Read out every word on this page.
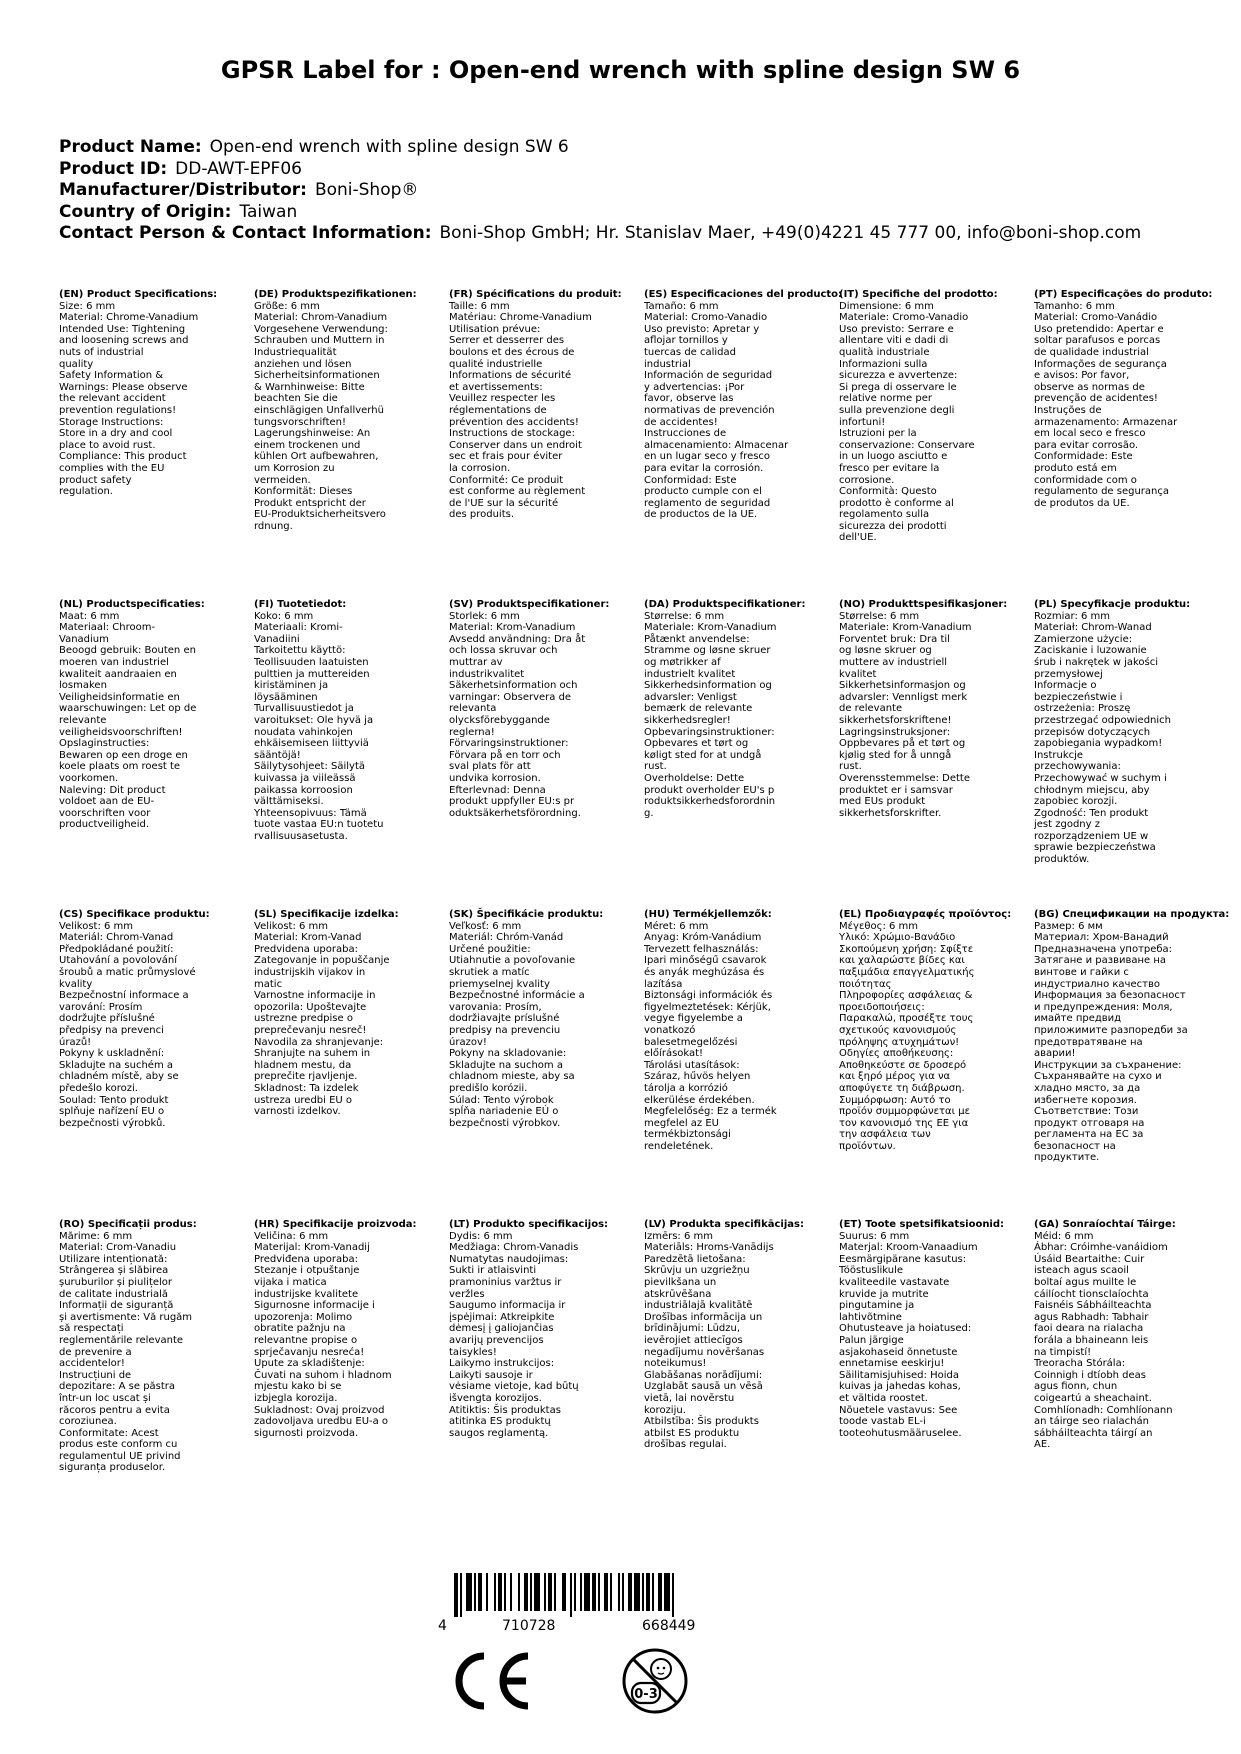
GPSR Label for : Open-end wrench with spline design SW 6
Product Name: Open-end wrench with spline design SW 6
Product ID: DD-AWT-EPF06
Manufacturer/Distributor: Boni-Shop®
Country of Origin: Taiwan
Contact Person & Contact Information: Boni-Shop GmbH; Hr. Stanislav Maer, +49(0)4221 45 777 00, info@boni-shop.com
(EN) Product Specifications:
Size: 6 mm
Material: Chrome-Vanadium
Intended Use: Tightening
and loosening screws and
nuts of industrial
quality
Safety Information &
Warnings: Please observe
the relevant accident
prevention regulations!
Storage Instructions:
Store in a dry and cool
place to avoid rust.
Compliance: This product
complies with the EU
product safety
regulation.
(DE) Produktspezifikationen:
Größe: 6 mm
Material: Chrom-Vanadium
Vorgesehene Verwendung:
Schrauben und Muttern in
Industriequalität
anziehen und lösen
Sicherheitsinformationen
& Warnhinweise: Bitte
beachten Sie die
einschlägigen Unfallverhü
tungsvorschriften!
Lagerungshinweise: An
einem trockenen und
kühlen Ort aufbewahren,
um Korrosion zu
vermeiden.
Konformität: Dieses
Produkt entspricht der
EU-Produktsicherheitsvero
rdnung.
(FR) Spécifications du produit:
Taille: 6 mm
Matériau: Chrome-Vanadium
Utilisation prévue:
Serrer et desserrer des
boulons et des écrous de
qualité industrielle
Informations de sécurité
et avertissements:
Veuillez respecter les
réglementations de
prévention des accidents!
Instructions de stockage:
Conserver dans un endroit
sec et frais pour éviter
la corrosion.
Conformité: Ce produit
est conforme au règlement
de l'UE sur la sécurité
des produits.
(ES) Especificaciones del producto:
Tamaño: 6 mm
Material: Cromo-Vanadio
Uso previsto: Apretar y
aflojar tornillos y
tuercas de calidad
industrial
Información de seguridad
y advertencias: ¡Por
favor, observe las
normativas de prevención
de accidentes!
Instrucciones de
almacenamiento: Almacenar
en un lugar seco y fresco
para evitar la corrosión.
Conformidad: Este
producto cumple con el
reglamento de seguridad
de productos de la UE.
(IT) Specifiche del prodotto:
Dimensione: 6 mm
Materiale: Cromo-Vanadio
Uso previsto: Serrare e
allentare viti e dadi di
qualità industriale
Informazioni sulla
sicurezza e avvertenze:
Si prega di osservare le
relative norme per
sulla prevenzione degli
infortuni!
Istruzioni per la
conservazione: Conservare
in un luogo asciutto e
fresco per evitare la
corrosione.
Conformità: Questo
prodotto è conforme al
regolamento sulla
sicurezza dei prodotti
dell'UE.
(PT) Especificações do produto:
Tamanho: 6 mm
Material: Cromo-Vanádio
Uso pretendido: Apertar e
soltar parafusos e porcas
de qualidade industrial
Informações de segurança
e avisos: Por favor,
observe as normas de
prevenção de acidentes!
Instruções de
armazenamento: Armazenar
em local seco e fresco
para evitar corrosão.
Conformidade: Este
produto está em
conformidade com o
regulamento de segurança
de produtos da UE.
(NL) Productspecificaties:
Maat: 6 mm
Materiaal: Chroom-
Vanadium
Beoogd gebruik: Bouten en
moeren van industriel
kwaliteit aandraaien en
losmaken
Veiligheidsinformatie en
waarschuwingen: Let op de
relevante
veiligheidsvoorschriften!
Opslaginstructies:
Bewaren op een droge en
koele plaats om roest te
voorkomen.
Naleving: Dit product
voldoet aan de EU-
voorschriften voor
productveiligheid.
(FI) Tuotetiedot:
Koko: 6 mm
Materiaali: Kromi-
Vanadiini
Tarkoitettu käyttö:
Teollisuuden laatuisten
pulttien ja muttereiden
kiristäminen ja
löysääminen
Turvallisuustiedot ja
varoitukset: Ole hyvä ja
noudata vahinkojen
ehkäisemiseen liittyviä
sääntöjä!
Säilytysohjeet: Säilytä
kuivassa ja viileässä
paikassa korroosion
välttämiseksi.
Yhteensopivuus: Tämä
tuote vastaa EU:n tuotetu
rvallisuusasetusta.
(SV) Produktspecifikationer:
Storlek: 6 mm
Material: Krom-Vanadium
Avsedd användning: Dra åt
och lossa skruvar och
muttrar av
industrikvalitet
Säkerhetsinformation och
varningar: Observera de
relevanta
olycksförebyggande
reglerna!
Förvaringsinstruktioner:
Förvara på en torr och
sval plats för att
undvika korrosion.
Efterlevnad: Denna
produkt uppfyller EU:s pr
oduktsäkerhetsförordning.
(DA) Produktspecifikationer:
Størrelse: 6 mm
Materiale: Krom-Vanadium
Påtænkt anvendelse:
Stramme og løsne skruer
og møtrikker af
industrielt kvalitet
Sikkerhedsinformation og
advarsler: Venligst
bemærk de relevante
sikkerhedsregler!
Opbevaringsinstruktioner:
Opbevares et tørt og
køligt sted for at undgå
rust.
Overholdelse: Dette
produkt overholder EU's p
roduktsikkerhedsforordnin
g.
(NO) Produkttspesifikasjoner:
Størrelse: 6 mm
Materiale: Krom-Vanadium
Forventet bruk: Dra til
og løsne skruer og
muttere av industriell
kvalitet
Sikkerhetsinformasjon og
advarsler: Vennligst merk
de relevante
sikkerhetsforskriftene!
Lagringsinstruksjoner:
Oppbevares på et tørt og
kjølig sted for å unngå
rust.
Overensstemmelse: Dette
produktet er i samsvar
med EUs produkt
sikkerhetsforskrifter.
(PL) Specyfikacje produktu:
Rozmiar: 6 mm
Materiał: Chrom-Wanad
Zamierzone użycie:
Zaciskanie i luzowanie
śrub i nakrętek w jakości
przemysłowej
Informacje o
bezpieczeństwie i
ostrzeżenia: Proszę
przestrzegać odpowiednich
przepisów dotyczących
zapobiegania wypadkom!
Instrukcje
przechowywania:
Przechowywać w suchym i
chłodnym miejscu, aby
zapobiec korozji.
Zgodność: Ten produkt
jest zgodny z
rozporządzeniem UE w
sprawie bezpieczeństwa
produktów.
(CS) Specifikace produktu:
Velikost: 6 mm
Materiál: Chrom-Vanad
Předpokládané použití:
Utahování a povolování
šroubů a matic průmyslové
kvality
Bezpečnostní informace a
varování: Prosím
dodržujte příslušné
předpisy na prevenci
úrazů!
Pokyny k uskladnění:
Skladujte na suchém a
chladném místě, aby se
předešlo korozi.
Soulad: Tento produkt
splňuje nařízení EU o
bezpečnosti výrobků.
(SL) Specifikacije izdelka:
Velikost: 6 mm
Material: Krom-Vanad
Predvidena uporaba:
Zategovanje in popuščanje
industrijskih vijakov in
matic
Varnostne informacije in
opozorila: Upoštevajte
ustrezne predpise o
preprečevanju nesreč!
Navodila za shranjevanje:
Shranjujte na suhem in
hladnem mestu, da
preprečite rjavljenje.
Skladnost: Ta izdelek
ustreza uredbi EU o
varnosti izdelkov.
(SK) Špecifikácie produktu:
Veľkosť: 6 mm
Materiál: Chróm-Vanád
Určené použitie:
Utiahnutie a povoľovanie
skrutiek a matíc
priemyselnej kvality
Bezpečnostné informácie a
varovania: Prosím,
dodržiavajte príslušné
predpisy na prevenciu
úrazov!
Pokyny na skladovanie:
Skladujte na suchom a
chladnom mieste, aby sa
predišlo korózii.
Súlad: Tento výrobok
spĺňa nariadenie EÚ o
bezpečnosti výrobkov.
(HU) Termékjellemzők:
Méret: 6 mm
Anyag: Króm-Vanádium
Tervezett felhasználás:
Ipari minőségű csavarok
és anyák meghúzása és
lazítása
Biztonsági információk és
figyelmeztetések: Kérjük,
vegye figyelembe a
vonatkozó
balesetmegelőzési
előírásokat!
Tárolási utasítások:
Száraz, hűvös helyen
tárolja a korrózió
elkerülése érdekében.
Megfelelőség: Ez a termék
megfelel az EU
termékbiztonsági
rendeletének.
(EL) Προδιαγραφές προϊόντος:
Μέγεθος: 6 mm
Υλικό: Χρώμιο-Βανάδιο
Σκοπούμενη χρήση: Σφίξτε
και χαλαρώστε βίδες και
παξιμάδια επαγγελματικής
ποιότητας
Πληροφορίες ασφάλειας &
προειδοποιήσεις:
Παρακαλώ, προσέξτε τους
σχετικούς κανονισμούς
πρόληψης ατυχημάτων!
Οδηγίες αποθήκευσης:
Αποθηκεύστε σε δροσερό
και ξηρό μέρος για να
αποφύγετε τη διάβρωση.
Συμμόρφωση: Αυτό το
προϊόν συμμορφώνεται με
τον κανονισμό της ΕΕ για
την ασφάλεια των
προϊόντων.
(BG) Спецификации на продукта:
Размер: 6 мм
Материал: Хром-Ванадий
Предназначена употреба:
Затягане и развиване на
винтове и гайки с
индустриално качество
Информация за безопасност
и предупреждения: Моля,
имайте предвид
приложимите разпоредби за
предотвратяване на
аварии!
Инструкции за съхранение:
Съхранявайте на сухо и
хладно място, за да
избегнете корозия.
Съответствие: Този
продукт отговаря на
регламента на ЕС за
безопасност на
продуктите.
(RO) Specificații produs:
Mărime: 6 mm
Material: Crom-Vanadiu
Utilizare intenționată:
Strângerea și slăbirea
șuruburilor și piulițelor
de calitate industrială
Informații de siguranță
și avertismente: Vă rugăm
să respectați
reglementările relevante
de prevenire a
accidentelor!
Instrucțiuni de
depozitare: A se păstra
într-un loc uscat și
răcoros pentru a evita
coroziunea.
Conformitate: Acest
produs este conform cu
regulamentul UE privind
siguranța produselor.
(HR) Specifikacije proizvoda:
Veličina: 6 mm
Materijal: Krom-Vanadij
Predviđena uporaba:
Stezanje i otpuštanje
vijaka i matica
industrijske kvalitete
Sigurnosne informacije i
upozorenja: Molimo
obratite pažnju na
relevantne propise o
sprječavanju nesreća!
Upute za skladištenje:
Čuvati na suhom i hladnom
mjestu kako bi se
izbjegla korozija.
Sukladnost: Ovaj proizvod
zadovoljava uredbu EU-a o
sigurnosti proizvoda.
(LT) Produkto specifikacijos:
Dydis: 6 mm
Medžiaga: Chrom-Vanadis
Numatytas naudojimas:
Sukti ir atlaisvinti
pramoninius varžtus ir
veržles
Saugumo informacija ir
įspėjimai: Atkreipkite
dėmesį į galiojančias
avarijų prevencijos
taisykles!
Laikymo instrukcijos:
Laikyti sausoje ir
vėsiame vietoje, kad būtų
išvengta korozijos.
Atitiktis: Šis produktas
atitinka ES produktų
saugos reglamentą.
(LV) Produkta specifikācijas:
Izmērs: 6 mm
Materiāls: Hroms-Vanādijs
Paredzētā lietošana:
Skrūvju un uzgriežņu
pievilkšana un
atskrūvēšana
industriālajā kvalitātē
Drošības informācija un
brīdinājumi: Lūdzu,
ievērojiet attiecīgos
negadījumu novēršanas
noteikumus!
Glabāšanas norādījumi:
Uzglabāt sausā un vēsā
vietā, lai novērstu
koroziju.
Atbilstība: Šis produkts
atbilst ES produktu
drošības regulai.
(ET) Toote spetsifikatsioonid:
Suurus: 6 mm
Materjal: Kroom-Vanaadium
Eesmärgipärane kasutus:
Tööstuslikule
kvaliteedile vastavate
kruvide ja mutrite
pingutamine ja
lahtivõtmine
Ohutusteave ja hoiatused:
Palun järgige
asjakohaseid õnnetuste
ennetamise eeskirju!
Säilitamisjuhised: Hoida
kuivas ja jahedas kohas,
et vältida roostet.
Nõuetele vastavus: See
toode vastab EL-i
tooteohutusmääruseleе.
(GA) Sonraíochtaí Táirge:
Méid: 6 mm
Ábhar: Cróimhe-vanáidiom
Úsáid Beartaithe: Cuir
isteach agus scaoil
boltaí agus muilte le
cáilíocht tionsclaíochta
Faisnéis Sábháilteachta
agus Rabhadh: Tabhair
faoi deara na rialacha
forála a bhaineann leis
na timpistí!
Treoracha Stórála:
Coinnigh i dtíobh deas
agus fionn, chun
coigeartú a sheachaint.
Comhlíonadh: Comhlíonann
an táirge seo rialachán
sábháilteachta táirgí an
AE.
4	710728	668449
0-3
